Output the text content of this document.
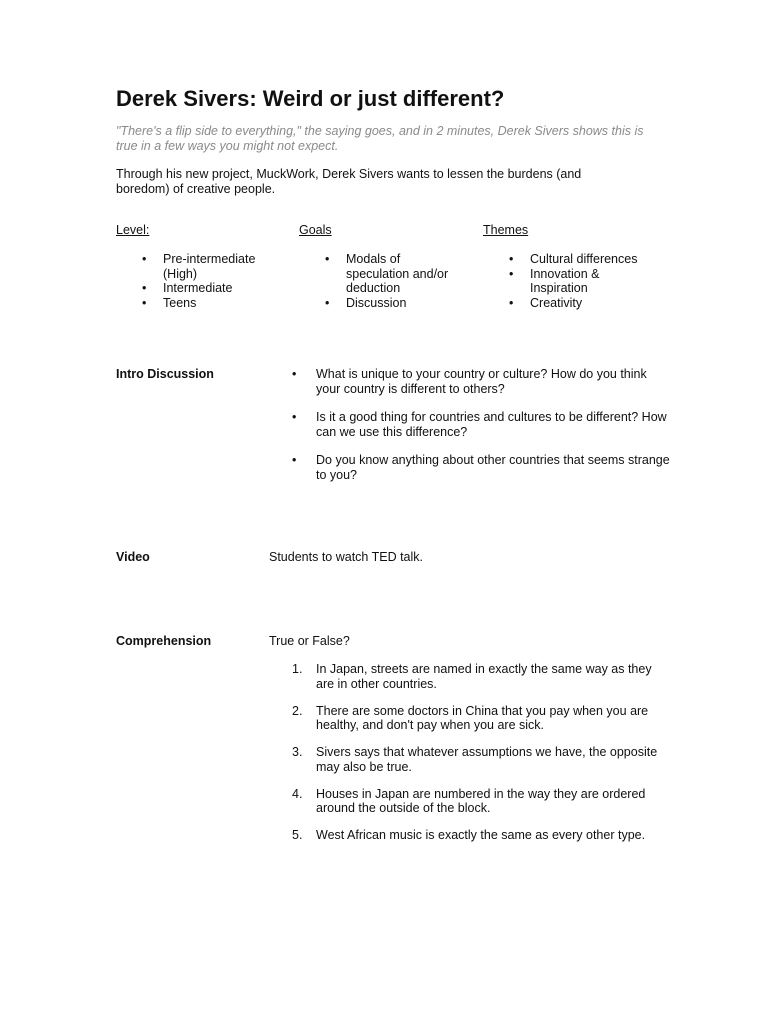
Derek Sivers: Weird or just different?

"There's a flip side to everything," the saying goes, and in 2 minutes, Derek Sivers shows this is true in a few ways you might not expect.

Through his new project, MuckWork, Derek Sivers wants to lessen the burdens (and boredom) of creative people.

Level:

• Pre-intermediate (High)
• Intermediate
• Teens

Goals

• Modals of speculation and/or deduction
• Discussion

Themes

• Cultural differences
• Innovation & Inspiration
• Creativity

Intro Discussion

•	What is unique to your country or culture? How do you think your country is different to others?
• Is it a good thing for countries and cultures to be different? How can we use this difference?
• Do you know anything about other countries that seems strange to you?

Video	Students to watch TED talk.

Comprehension	True or False?

1. In Japan, streets are named in exactly the same way as they are in other countries.
2. There are some doctors in China that you pay when you are healthy, and don't pay when you are sick.
3. Sivers says that whatever assumptions we have, the opposite may also be true.
4. Houses in Japan are numbered in the way they are ordered around the outside of the block.
5. West African music is exactly the same as every other type.
